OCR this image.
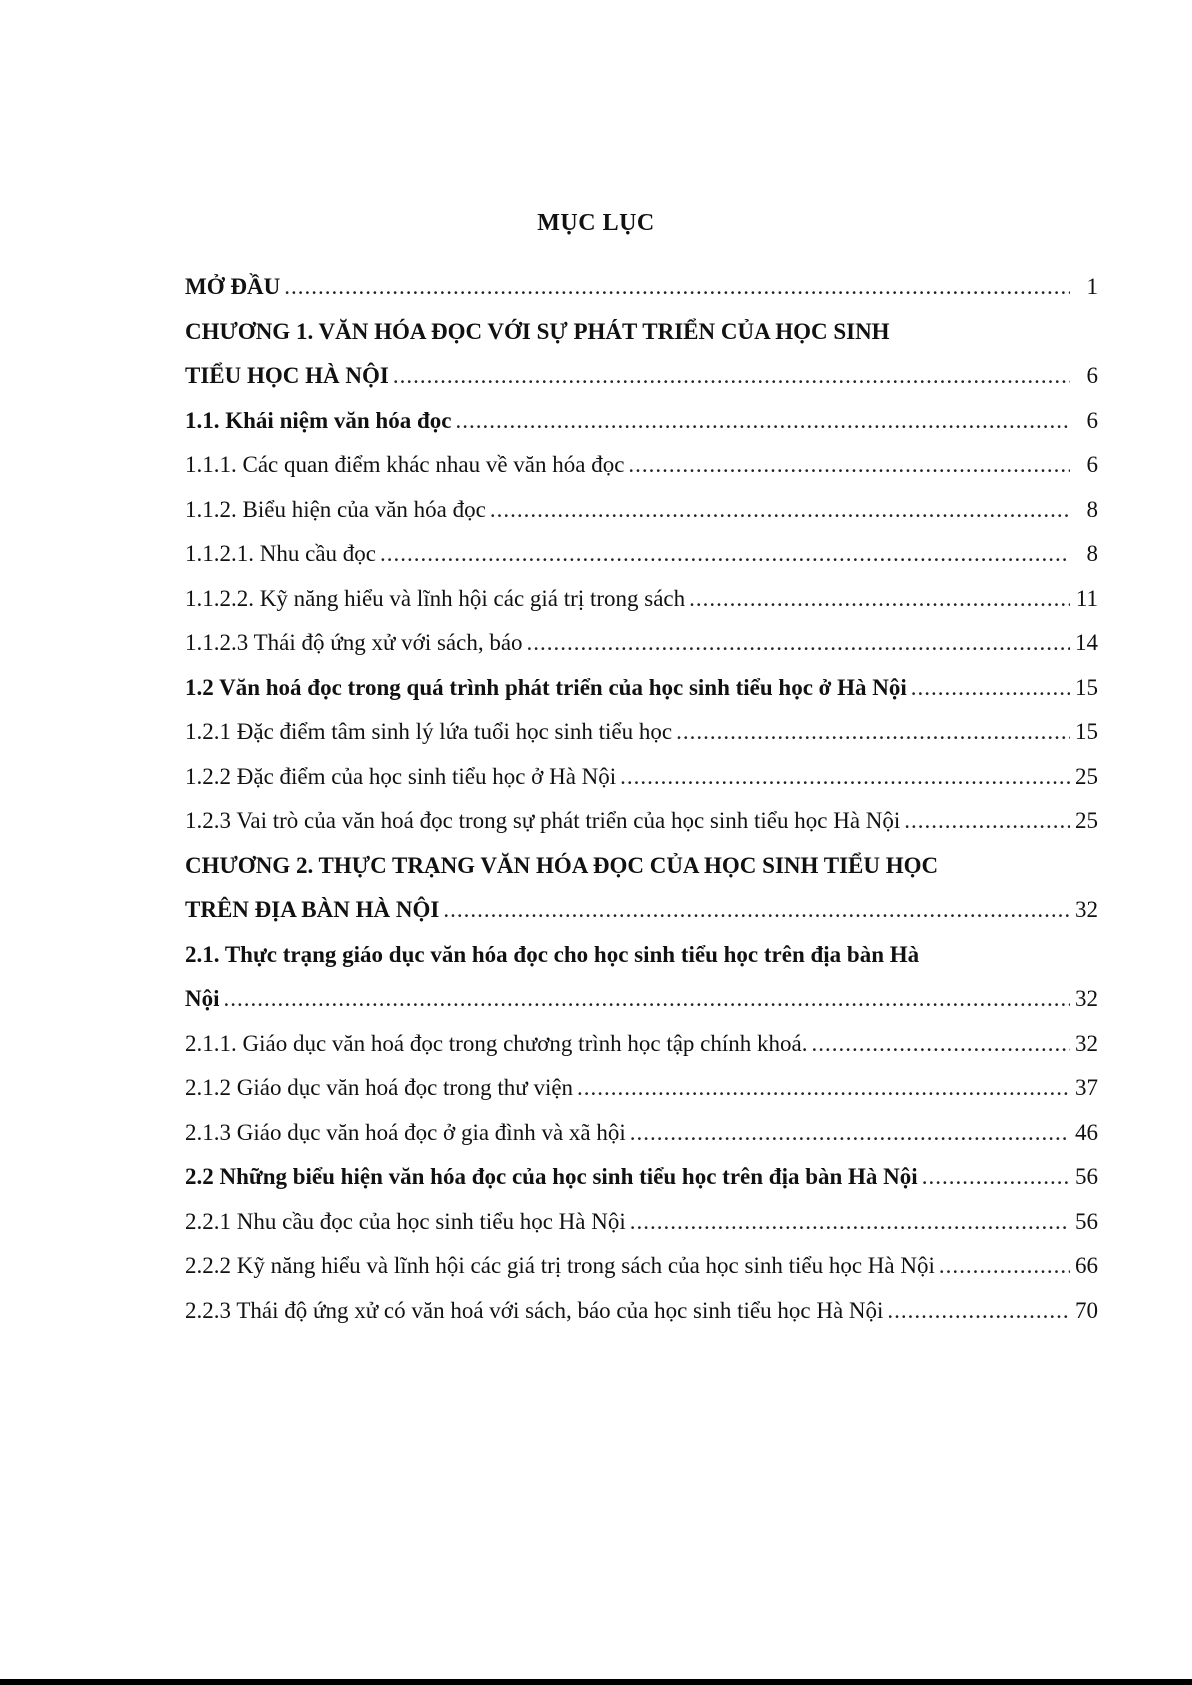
MỤC LỤC
MỞ ĐẦU .....	1
CHƯƠNG 1. VĂN HÓA ĐỌC VỚI SỰ PHÁT TRIỂN CỦA HỌC SINH
TIỂU HỌC HÀ NỘI .....	6
1.1. Khái niệm văn hóa đọc .....	6
1.1.1. Các quan điểm khác nhau về văn hóa đọc .....	6
1.1.2. Biểu hiện của văn hóa đọc .....	8
1.1.2.1. Nhu cầu đọc .....	8
1.1.2.2. Kỹ năng hiểu và lĩnh hội các giá trị trong sách .....	11
1.1.2.3 Thái độ ứng xử với sách, báo .....	14
1.2 Văn hoá đọc trong quá trình phát triển của học sinh tiểu học ở Hà Nội .....	15
1.2.1 Đặc điểm tâm sinh lý lứa tuổi học sinh tiểu học .....	15
1.2.2 Đặc điểm của học sinh tiểu học ở Hà Nội .....	25
1.2.3 Vai trò của văn hoá đọc trong sự phát triển của học sinh tiểu học Hà Nội .....	25
CHƯƠNG 2. THỰC TRẠNG VĂN HÓA ĐỌC CỦA HỌC SINH TIỂU HỌC
TRÊN ĐỊA BÀN HÀ NỘI .....	32
2.1. Thực trạng giáo dục văn hóa đọc cho học sinh tiểu học trên địa bàn Hà
Nội .....	32
2.1.1. Giáo dục văn hoá đọc trong chương trình học tập chính khoá. .....	32
2.1.2 Giáo dục văn hoá đọc trong thư viện .....	37
2.1.3 Giáo dục văn hoá đọc ở gia đình và xã hội .....	46
2.2 Những biểu hiện văn hóa đọc của học sinh tiểu học trên địa bàn Hà Nội .....	56
2.2.1 Nhu cầu đọc của học sinh tiểu học Hà Nội .....	56
2.2.2 Kỹ năng hiểu và lĩnh hội các giá trị trong sách của học sinh tiểu học Hà Nội .....	66
2.2.3 Thái độ ứng xử có văn hoá với sách, báo của học sinh tiểu học Hà Nội .....	70
